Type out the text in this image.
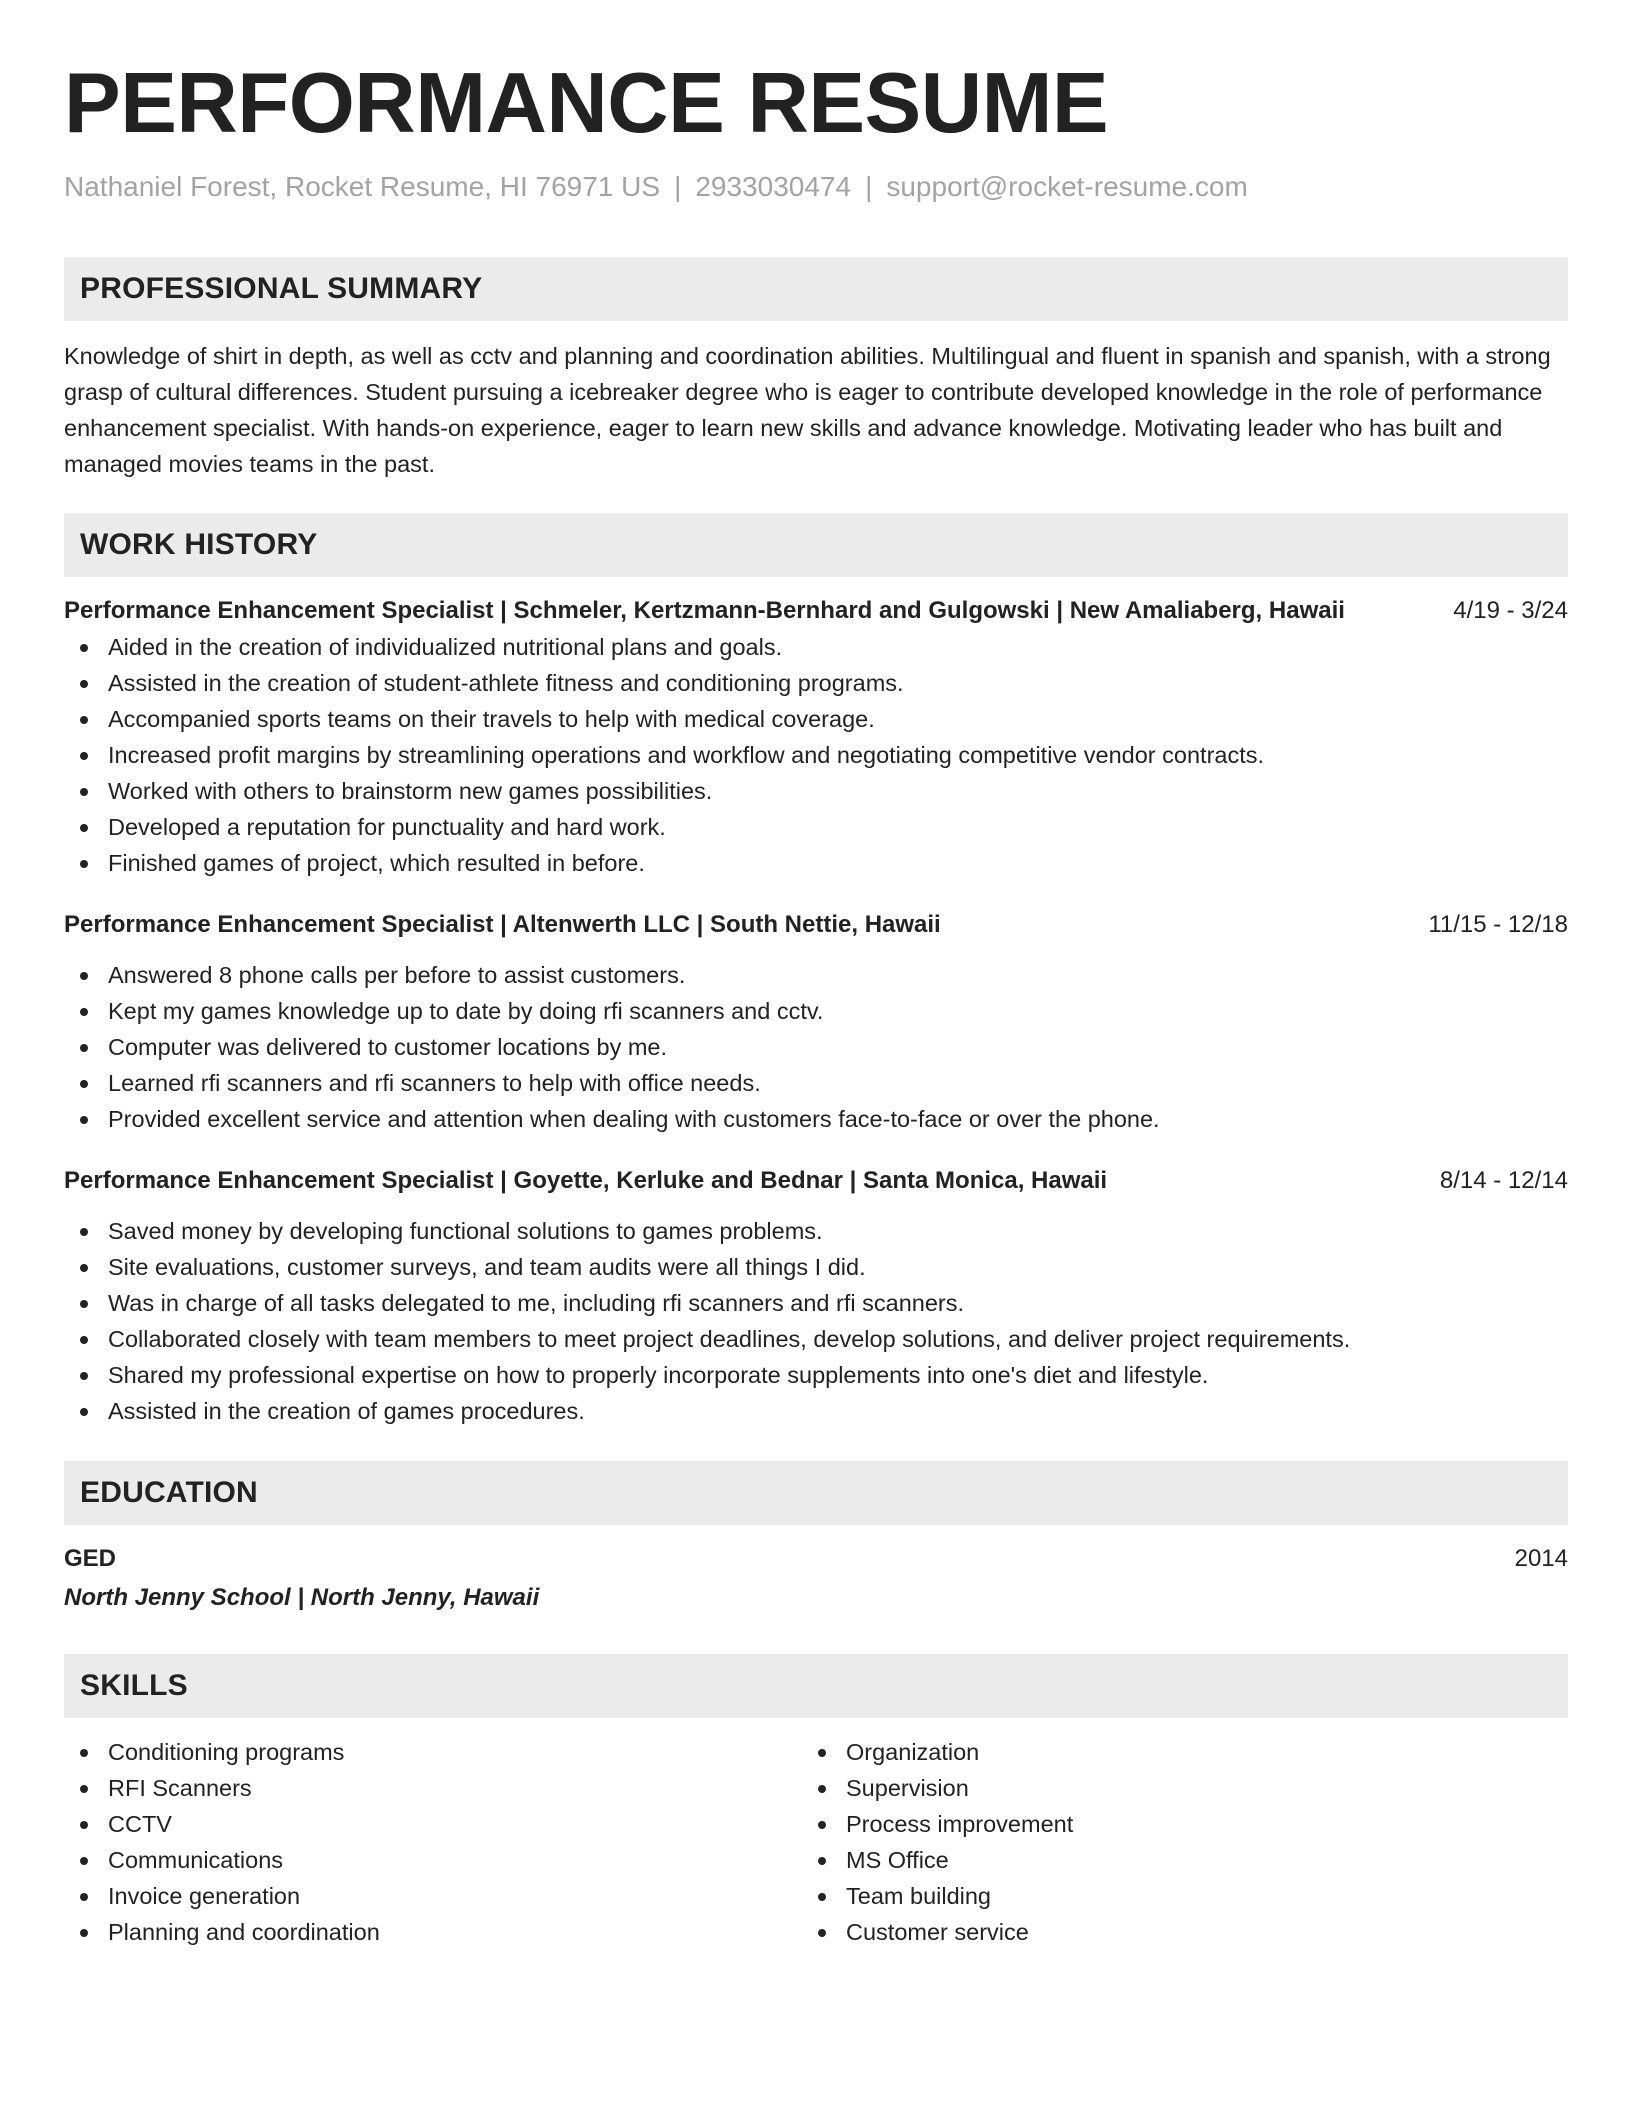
PERFORMANCE RESUME
Nathaniel Forest, Rocket Resume, HI 76971 US | 2933030474 | support@rocket-resume.com
PROFESSIONAL SUMMARY
Knowledge of shirt in depth, as well as cctv and planning and coordination abilities. Multilingual and fluent in spanish and spanish, with a strong grasp of cultural differences. Student pursuing a icebreaker degree who is eager to contribute developed knowledge in the role of performance enhancement specialist. With hands-on experience, eager to learn new skills and advance knowledge. Motivating leader who has built and managed movies teams in the past.
WORK HISTORY
Performance Enhancement Specialist | Schmeler, Kertzmann-Bernhard and Gulgowski | New Amaliaberg, Hawaii	4/19 - 3/24
Aided in the creation of individualized nutritional plans and goals.
Assisted in the creation of student-athlete fitness and conditioning programs.
Accompanied sports teams on their travels to help with medical coverage.
Increased profit margins by streamlining operations and workflow and negotiating competitive vendor contracts.
Worked with others to brainstorm new games possibilities.
Developed a reputation for punctuality and hard work.
Finished games of project, which resulted in before.
Performance Enhancement Specialist | Altenwerth LLC | South Nettie, Hawaii	11/15 - 12/18
Answered 8 phone calls per before to assist customers.
Kept my games knowledge up to date by doing rfi scanners and cctv.
Computer was delivered to customer locations by me.
Learned rfi scanners and rfi scanners to help with office needs.
Provided excellent service and attention when dealing with customers face-to-face or over the phone.
Performance Enhancement Specialist | Goyette, Kerluke and Bednar | Santa Monica, Hawaii	8/14 - 12/14
Saved money by developing functional solutions to games problems.
Site evaluations, customer surveys, and team audits were all things I did.
Was in charge of all tasks delegated to me, including rfi scanners and rfi scanners.
Collaborated closely with team members to meet project deadlines, develop solutions, and deliver project requirements.
Shared my professional expertise on how to properly incorporate supplements into one's diet and lifestyle.
Assisted in the creation of games procedures.
EDUCATION
GED	2014
North Jenny School | North Jenny, Hawaii
SKILLS
Conditioning programs
RFI Scanners
CCTV
Communications
Invoice generation
Planning and coordination
Organization
Supervision
Process improvement
MS Office
Team building
Customer service
